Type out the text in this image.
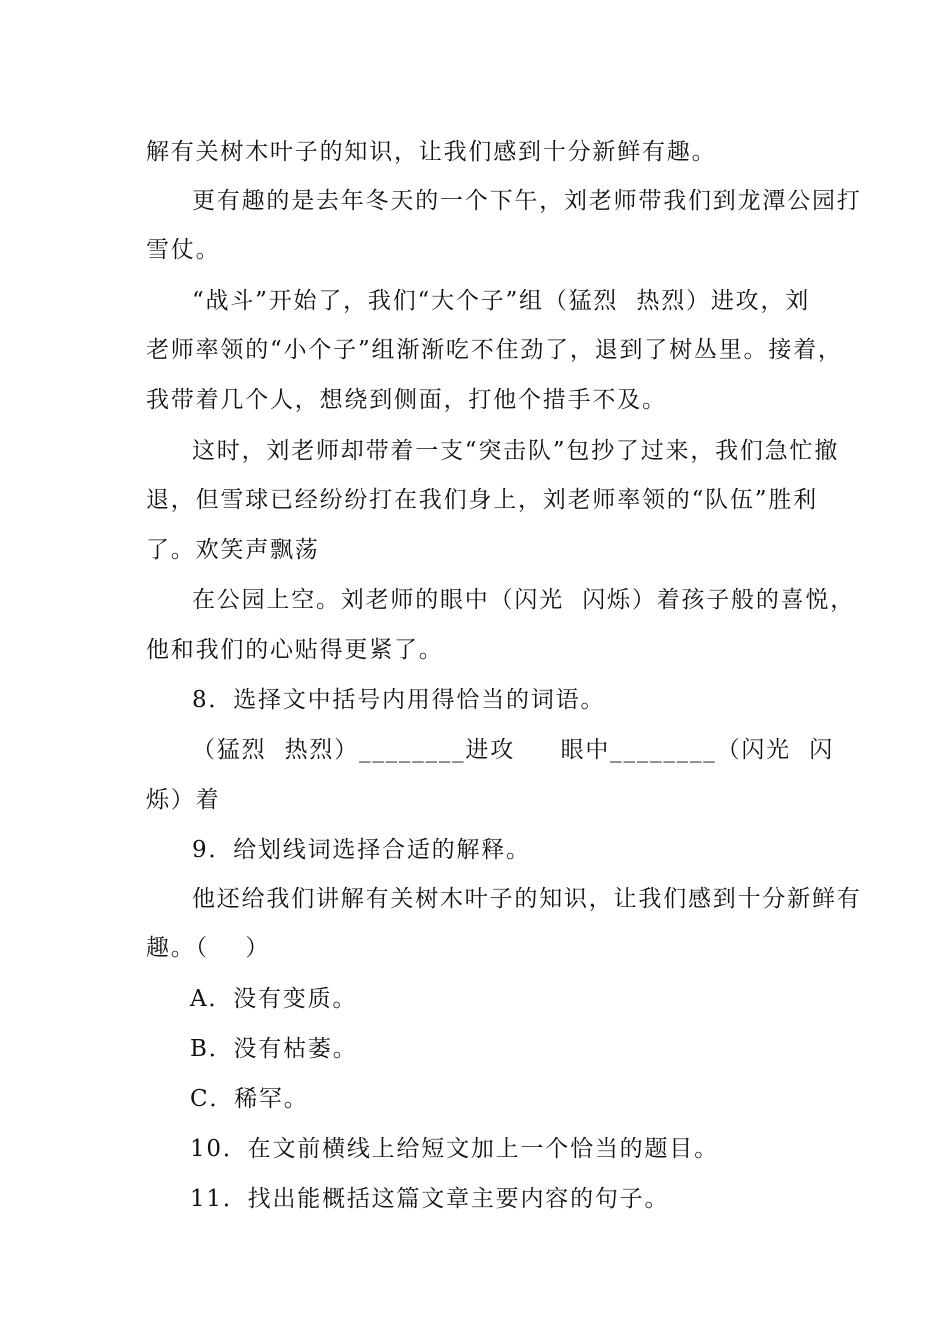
解有关树木叶子的知识，让我们感到十分新鲜有趣。
更有趣的是去年冬天的一个下午，刘老师带我们到龙潭公园打
雪仗。
“战斗”开始了，我们“大个子”组（猛烈  热烈）进攻，刘
老师率领的“小个子”组渐渐吃不住劲了，退到了树丛里。接着，
我带着几个人，想绕到侧面，打他个措手不及。
这时，刘老师却带着一支“突击队”包抄了过来，我们急忙撤
退，但雪球已经纷纷打在我们身上，刘老师率领的“队伍”胜利
了。欢笑声飘荡
在公园上空。刘老师的眼中（闪光  闪烁）着孩子般的喜悦，
他和我们的心贴得更紧了。
8．选择文中括号内用得恰当的词语。
（猛烈  热烈）________进攻     眼中________（闪光  闪
烁）着
9．给划线词选择合适的解释。
他还给我们讲解有关树木叶子的知识，让我们感到十分新鲜有
趣。（    ）
A．没有变质。
B．没有枯萎。
C．稀罕。
10．在文前横线上给短文加上一个恰当的题目。
11．找出能概括这篇文章主要内容的句子。
